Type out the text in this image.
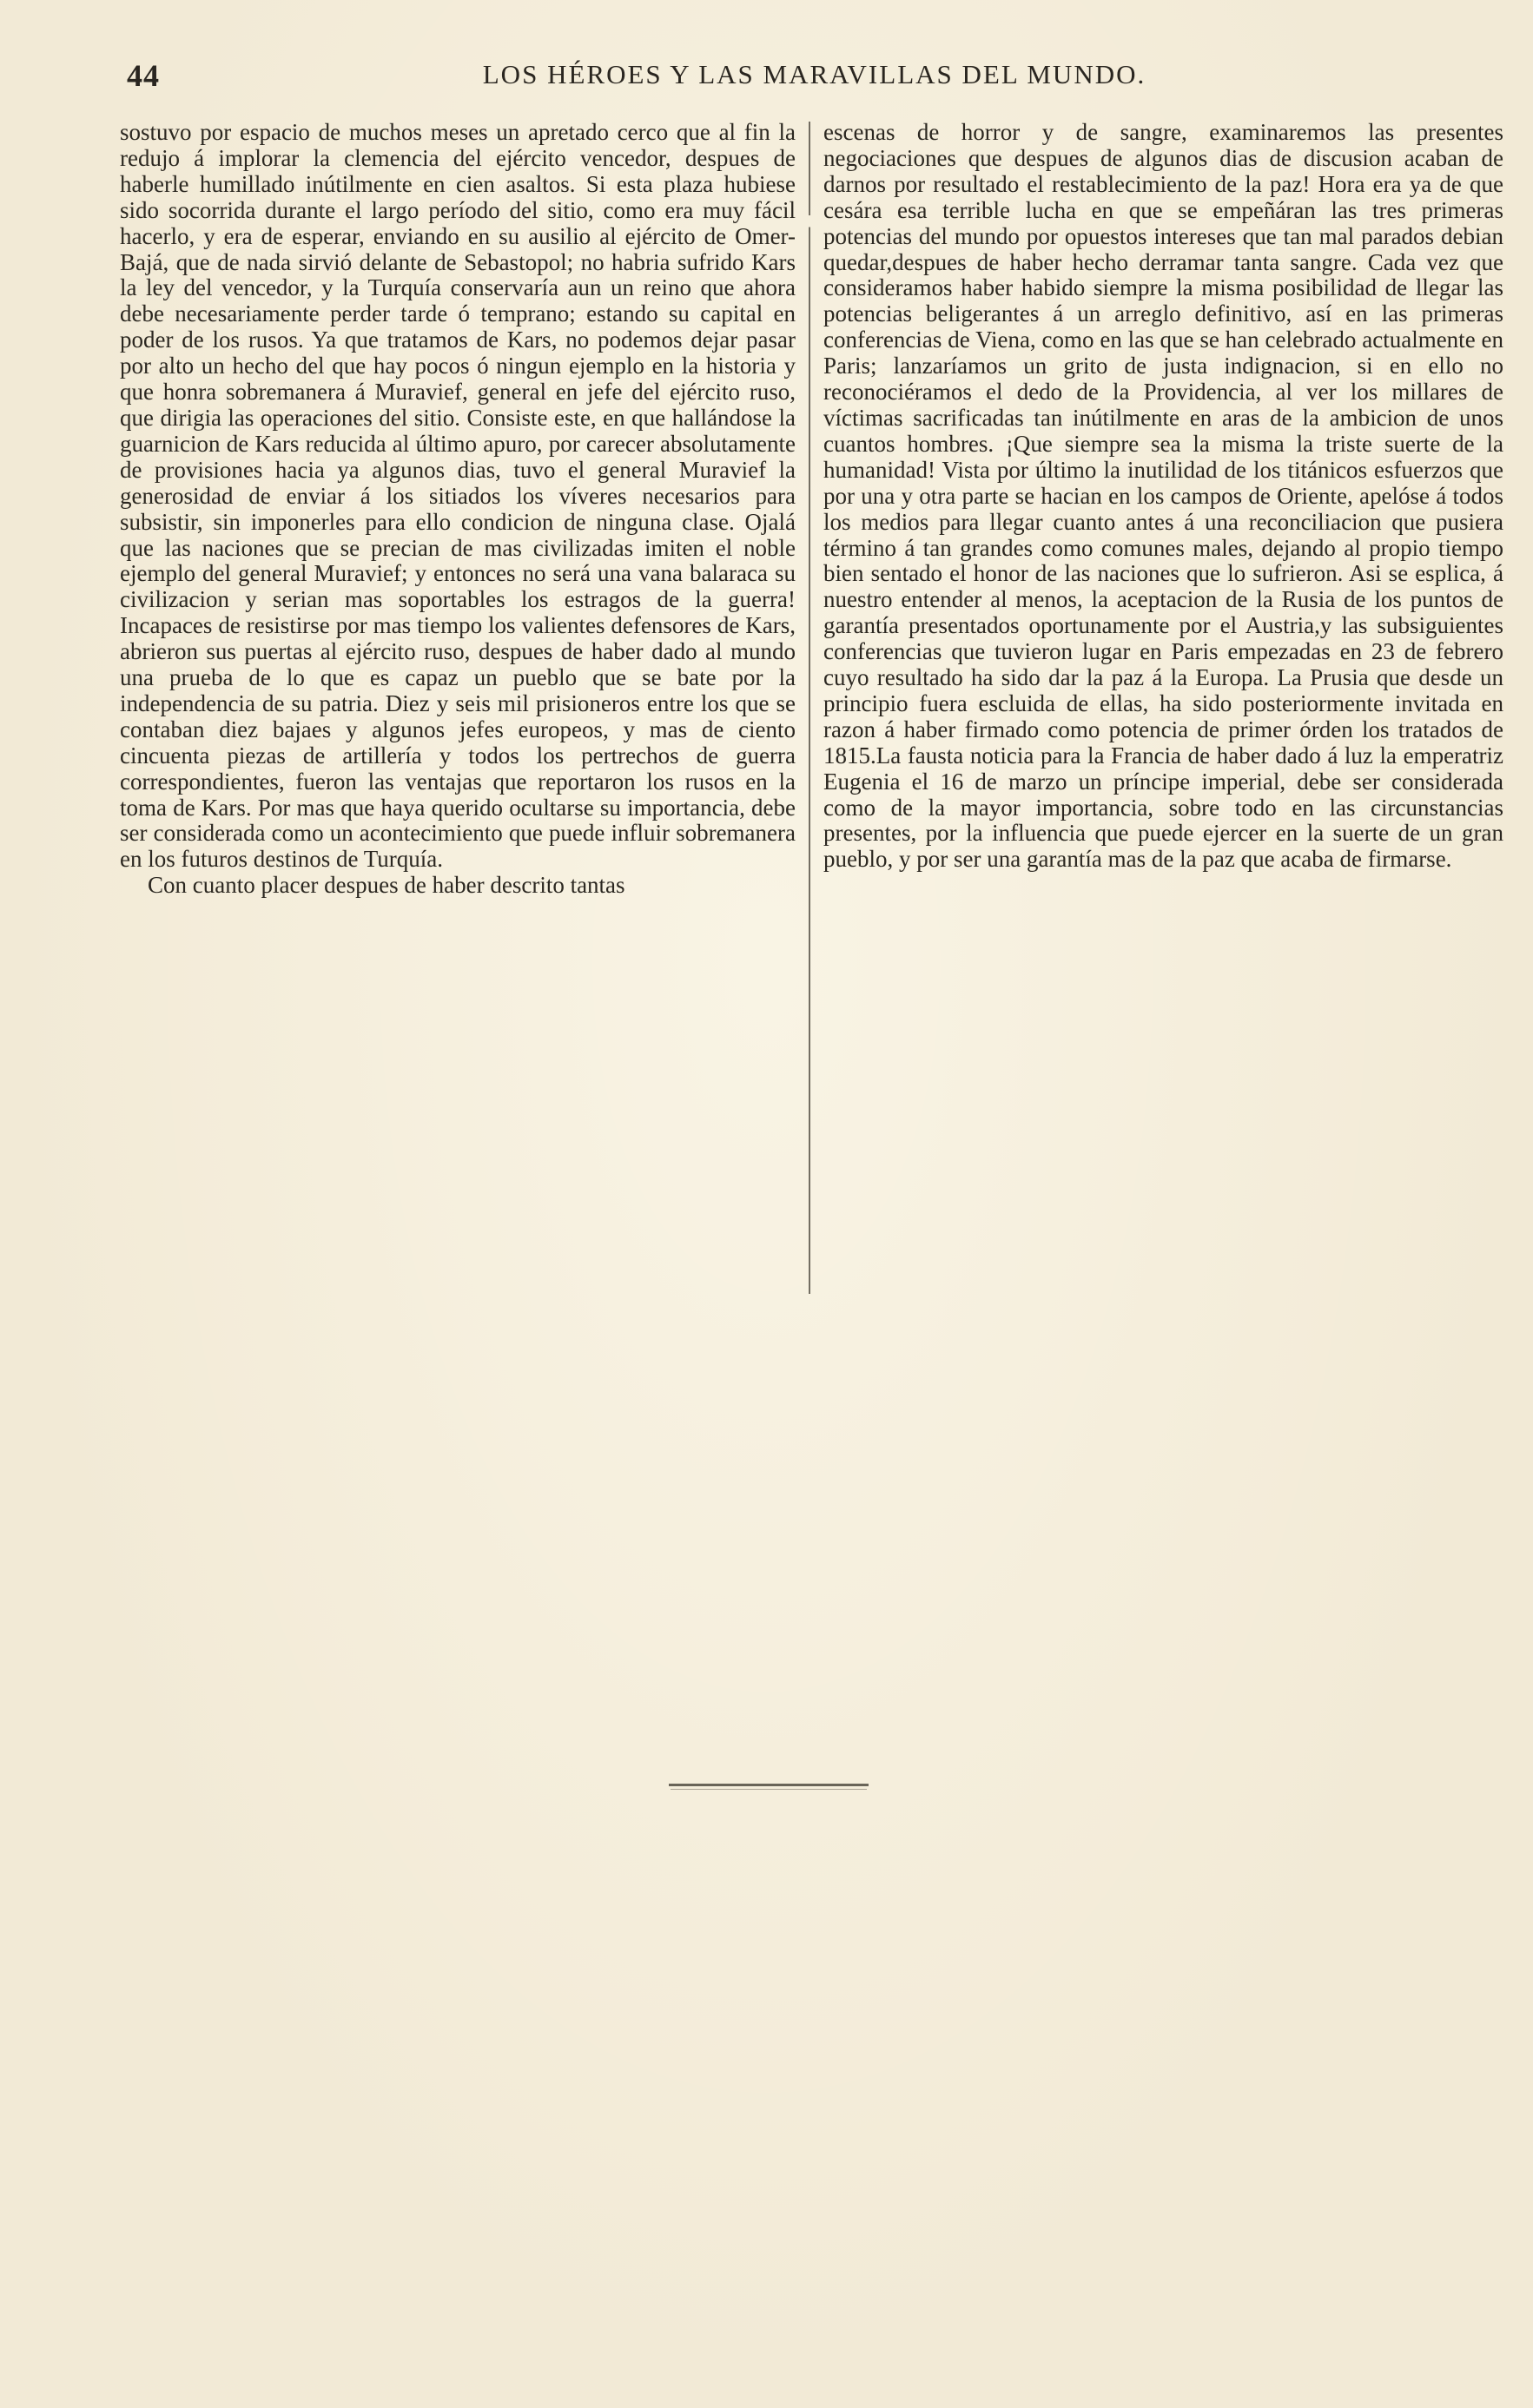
44	LOS HÉROES Y LAS MARAVILLAS DEL MUNDO.

sostuvo por espacio de muchos meses un apretado cerco que al fin la redujo á implorar la clemencia del ejército vencedor, despues de haberle humillado inútilmente en cien asaltos. Si esta plaza hubiese sido socorrida durante el largo período del sitio, como era muy fácil hacerlo, y era de esperar, enviando en su ausilio al ejército de Omer-Bajá, que de nada sirvió delante de Sebastopol; no habria sufrido Kars la ley del vencedor, y la Turquía conservaría aun un reino que ahora debe necesariamente perder tarde ó temprano; estando su capital en poder de los rusos. Ya que tratamos de Kars, no podemos dejar pasar por alto un hecho del que hay pocos ó ningun ejemplo en la historia y que honra sobremanera á Muravief, general en jefe del ejército ruso, que dirigia las operaciones del sitio. Consiste este, en que hallándose la guarnicion de Kars reducida al último apuro, por carecer absolutamente de provisiones hacia ya algunos dias, tuvo el general Muravief la generosidad de enviar á los sitiados los víveres necesarios para subsistir, sin imponerles para ello condicion de ninguna clase. Ojalá que las naciones que se precian de mas civilizadas imiten el noble ejemplo del general Muravief; y entonces no será una vana balaraca su civilizacion y serian mas soportables los estragos de la guerra! Incapaces de resistirse por mas tiempo los valientes defensores de Kars, abrieron sus puertas al ejército ruso, despues de haber dado al mundo una prueba de lo que es capaz un pueblo que se bate por la independencia de su patria. Diez y seis mil prisioneros entre los que se contaban diez bajaes y algunos jefes europeos, y mas de ciento cincuenta piezas de artillería y todos los pertrechos de guerra correspondientes, fueron las ventajas que reportaron los rusos en la toma de Kars. Por mas que haya querido ocultarse su importancia, debe ser considerada como un acontecimiento que puede influir sobremanera en los futuros destinos de Turquía.

Con cuanto placer despues de haber descrito tantas

escenas de horror y de sangre, examinaremos las presentes negociaciones que despues de algunos dias de discusion acaban de darnos por resultado el restablecimiento de la paz! Hora era ya de que cesára esa terrible lucha en que se empeñáran las tres primeras potencias del mundo por opuestos intereses que tan mal parados debian quedar,despues de haber hecho derramar tanta sangre. Cada vez que consideramos haber habido siempre la misma posibilidad de llegar las potencias beligerantes á un arreglo definitivo, así en las primeras conferencias de Viena, como en las que se han celebrado actualmente en Paris; lanzaríamos un grito de justa indignacion, si en ello no reconociéramos el dedo de la Providencia, al ver los millares de víctimas sacrificadas tan inútilmente en aras de la ambicion de unos cuantos hombres. ¡Que siempre sea la misma la triste suerte de la humanidad! Vista por último la inutilidad de los titánicos esfuerzos que por una y otra parte se hacian en los campos de Oriente, apelóse á todos los medios para llegar cuanto antes á una reconciliacion que pusiera término á tan grandes como comunes males, dejando al propio tiempo bien sentado el honor de las naciones que lo sufrieron. Asi se esplica, á nuestro entender al menos, la aceptacion de la Rusia de los puntos de garantía presentados oportunamente por el Austria,y las subsiguientes conferencias que tuvieron lugar en Paris empezadas en 23 de febrero cuyo resultado ha sido dar la paz á la Europa. La Prusia que desde un principio fuera escluida de ellas, ha sido posteriormente invitada en razon á haber firmado como potencia de primer órden los tratados de 1815.La fausta noticia para la Francia de haber dado á luz la emperatriz Eugenia el 16 de marzo un príncipe imperial, debe ser considerada como de la mayor importancia, sobre todo en las circunstancias presentes, por la influencia que puede ejercer en la suerte de un gran pueblo, y por ser una garantía mas de la paz que acaba de firmarse.
